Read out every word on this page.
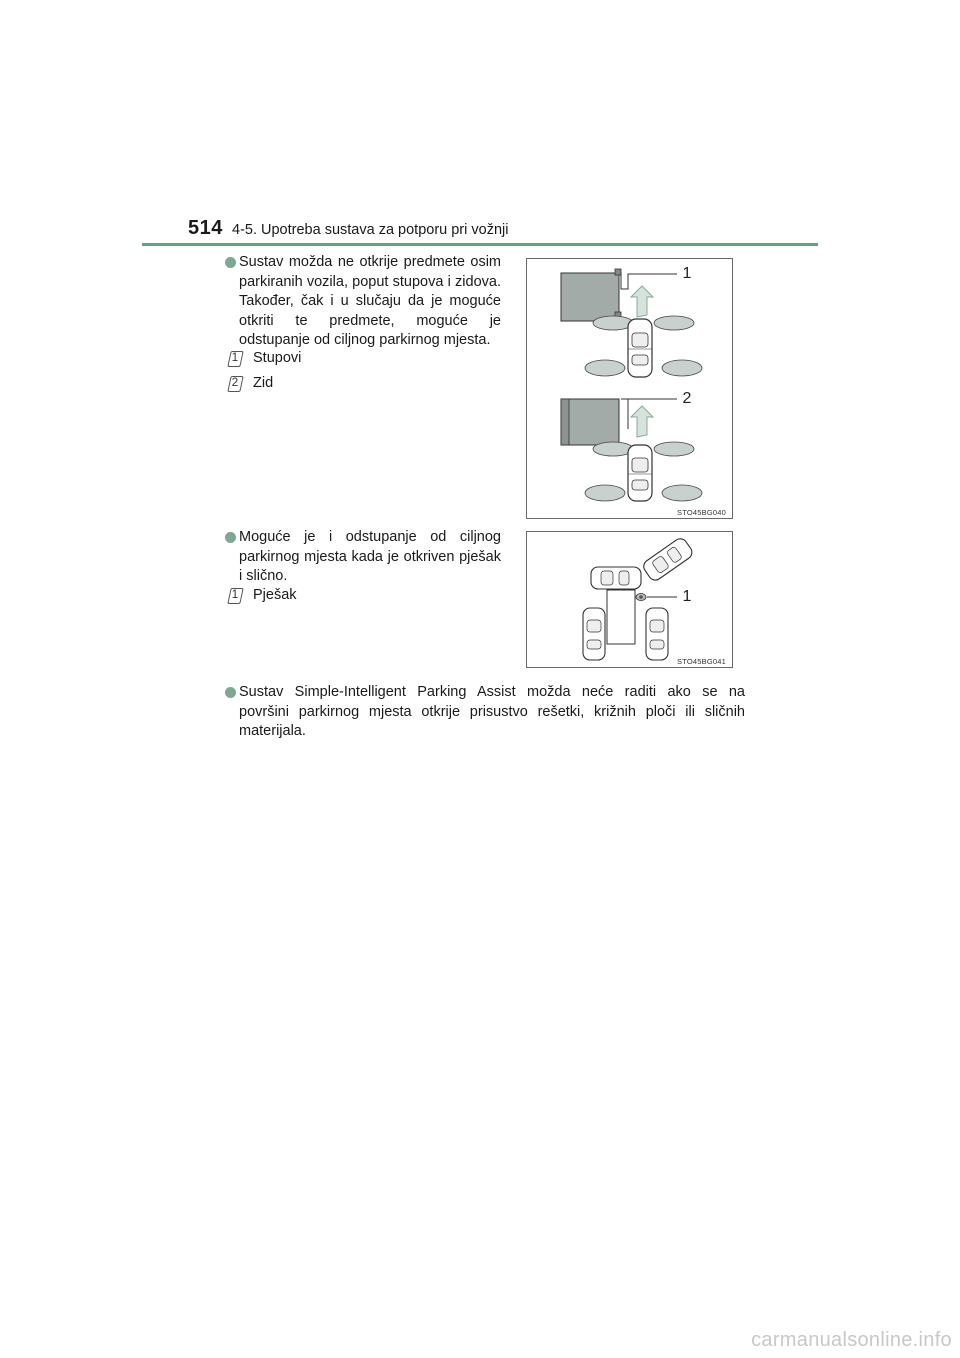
514 4-5. Upotreba sustava za potporu pri vožnji
Sustav možda ne otkrije predmete osim
parkiranih vozila, poput stupova i zidova.
Također, čak i u slučaju da je moguće
otkriti te predmete, moguće je
odstupanje od ciljnog parkirnog mjesta.
1 Stupovi
2 Zid
1
2
STO45BG040
Moguće je i odstupanje od ciljnog
parkirnog mjesta kada je otkriven pješak
i slično.
1 Pješak	1
STO45BG041
Sustav Simple-Intelligent Parking Assist možda neće raditi ako se na
površini parkirnog mjesta otkrije prisustvo rešetki, križnih ploči ili sličnih
materijala.
carmanualsonline.info
